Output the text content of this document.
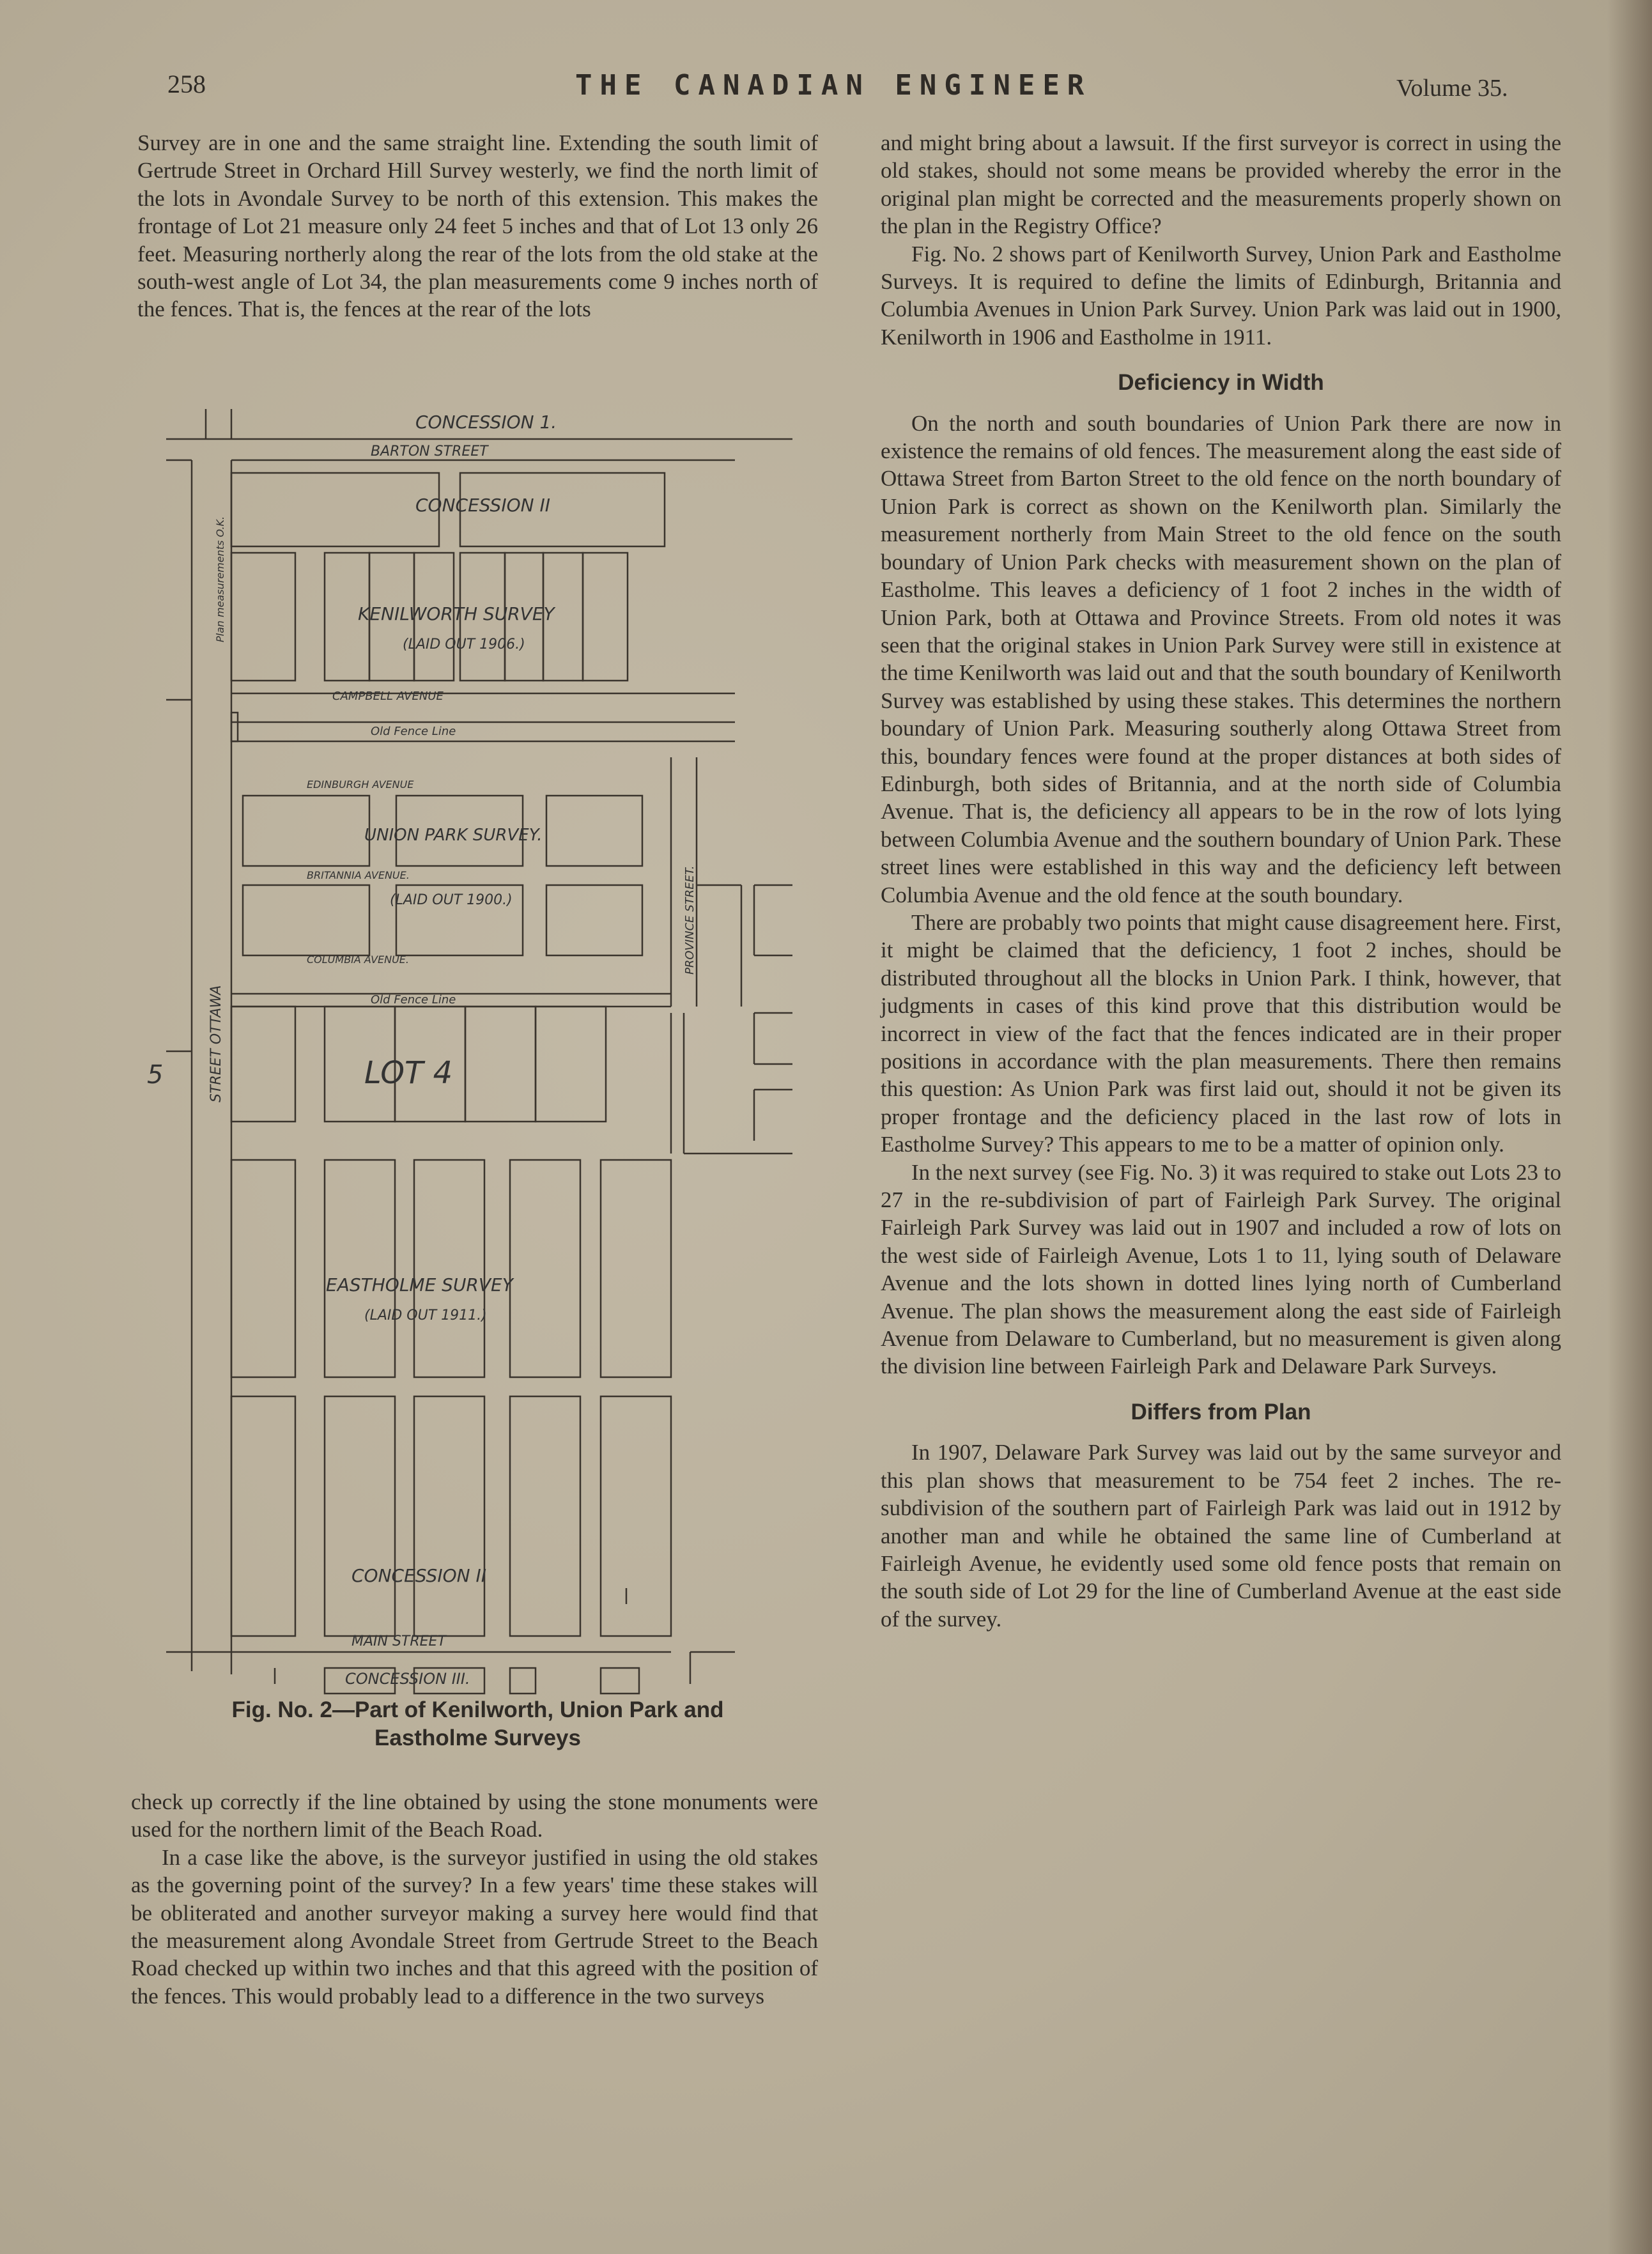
258	THE CANADIAN ENGINEER	Volume 35.

Survey are in one and the same straight line. Extending the south limit of Gertrude Street in Orchard Hill Survey westerly, we find the north limit of the lots in Avondale Survey to be north of this extension. This makes the frontage of Lot 21 measure only 24 feet 5 inches and that of Lot 13 only 26 feet. Measuring northerly along the rear of the lots from the old stake at the south-west angle of Lot 34, the plan measurements come 9 inches north of the fences. That is, the fences at the rear of the lots

CONCESSION 1.
BARTON STREET
CONCESSION II
KENILWORTH SURVEY
(LAID OUT 1906.)
CAMPBELL AVENUE
Old Fence Line
EDINBURGH AVENUE
UNION PARK SURVEY.
BRITANNIA AVENUE.
(LAID OUT 1900.)
COLUMBIA AVENUE.
Old Fence Line
LOT 4
5
EASTHOLME SURVEY
(LAID OUT 1911.)
CONCESSION II
MAIN STREET
CONCESSION III.
STREET OTTAWA
PROVINCE STREET.
Plan measurements O.K.
Fig. No. 2—Part of Kenilworth, Union Park and
Eastholme Surveys

check up correctly if the line obtained by using the stone monuments were used for the northern limit of the Beach Road.

In a case like the above, is the surveyor justified in using the old stakes as the governing point of the survey? In a few years' time these stakes will be obliterated and another surveyor making a survey here would find that the measurement along Avondale Street from Gertrude Street to the Beach Road checked up within two inches and that this agreed with the position of the fences. This would probably lead to a difference in the two surveys

and might bring about a lawsuit. If the first surveyor is correct in using the old stakes, should not some means be provided whereby the error in the original plan might be corrected and the measurements properly shown on the plan in the Registry Office?

Fig. No. 2 shows part of Kenilworth Survey, Union Park and Eastholme Surveys. It is required to define the limits of Edinburgh, Britannia and Columbia Avenues in Union Park Survey. Union Park was laid out in 1900, Kenilworth in 1906 and Eastholme in 1911.

Deficiency in Width

On the north and south boundaries of Union Park there are now in existence the remains of old fences. The measurement along the east side of Ottawa Street from Barton Street to the old fence on the north boundary of Union Park is correct as shown on the Kenilworth plan. Similarly the measurement northerly from Main Street to the old fence on the south boundary of Union Park checks with measurement shown on the plan of Eastholme. This leaves a deficiency of 1 foot 2 inches in the width of Union Park, both at Ottawa and Province Streets. From old notes it was seen that the original stakes in Union Park Survey were still in existence at the time Kenilworth was laid out and that the south boundary of Kenilworth Survey was established by using these stakes. This determines the northern boundary of Union Park. Measuring southerly along Ottawa Street from this, boundary fences were found at the proper distances at both sides of Edinburgh, both sides of Britannia, and at the north side of Columbia Avenue. That is, the deficiency all appears to be in the row of lots lying between Columbia Avenue and the southern boundary of Union Park. These street lines were established in this way and the deficiency left between Columbia Avenue and the old fence at the south boundary.

There are probably two points that might cause disagreement here. First, it might be claimed that the deficiency, 1 foot 2 inches, should be distributed throughout all the blocks in Union Park. I think, however, that judgments in cases of this kind prove that this distribution would be incorrect in view of the fact that the fences indicated are in their proper positions in accordance with the plan measurements. There then remains this question: As Union Park was first laid out, should it not be given its proper frontage and the deficiency placed in the last row of lots in Eastholme Survey? This appears to me to be a matter of opinion only.

In the next survey (see Fig. No. 3) it was required to stake out Lots 23 to 27 in the re-subdivision of part of Fairleigh Park Survey. The original Fairleigh Park Survey was laid out in 1907 and included a row of lots on the west side of Fairleigh Avenue, Lots 1 to 11, lying south of Delaware Avenue and the lots shown in dotted lines lying north of Cumberland Avenue. The plan shows the measurement along the east side of Fairleigh Avenue from Delaware to Cumberland, but no measurement is given along the division line between Fairleigh Park and Delaware Park Surveys.

Differs from Plan

In 1907, Delaware Park Survey was laid out by the same surveyor and this plan shows that measurement to be 754 feet 2 inches. The re-subdivision of the southern part of Fairleigh Park was laid out in 1912 by another man and while he obtained the same line of Cumberland at Fairleigh Avenue, he evidently used some old fence posts that remain on the south side of Lot 29 for the line of Cumberland Avenue at the east side of the survey.
